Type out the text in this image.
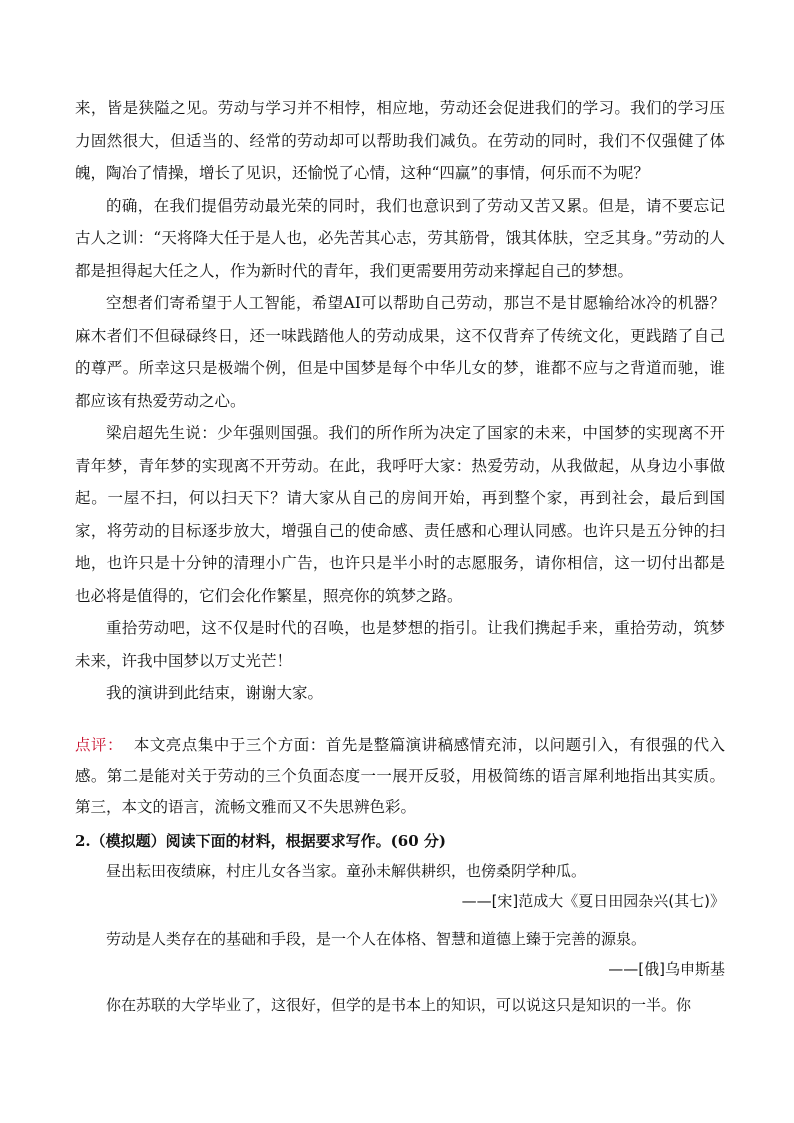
来，皆是狭隘之见。劳动与学习并不相悖，相应地，劳动还会促进我们的学习。我们的学习压力固然很大，但适当的、经常的劳动却可以帮助我们减负。在劳动的同时，我们不仅强健了体魄，陶冶了情操，增长了见识，还愉悦了心情，这种“四赢”的事情，何乐而不为呢？

的确，在我们提倡劳动最光荣的同时，我们也意识到了劳动又苦又累。但是，请不要忘记古人之训：“天将降大任于是人也，必先苦其心志，劳其筋骨，饿其体肤，空乏其身。”劳动的人都是担得起大任之人，作为新时代的青年，我们更需要用劳动来撑起自己的梦想。

空想者们寄希望于人工智能，希望AI可以帮助自己劳动，那岂不是甘愿输给冰冷的机器？麻木者们不但碌碌终日，还一味践踏他人的劳动成果，这不仅背弃了传统文化，更践踏了自己的尊严。所幸这只是极端个例，但是中国梦是每个中华儿女的梦，谁都不应与之背道而驰，谁都应该有热爱劳动之心。

梁启超先生说：少年强则国强。我们的所作所为决定了国家的未来，中国梦的实现离不开青年梦，青年梦的实现离不开劳动。在此，我呼吁大家：热爱劳动，从我做起，从身边小事做起。一屋不扫，何以扫天下？请大家从自己的房间开始，再到整个家，再到社会，最后到国家，将劳动的目标逐步放大，增强自己的使命感、责任感和心理认同感。也许只是五分钟的扫地，也许只是十分钟的清理小广告，也许只是半小时的志愿服务，请你相信，这一切付出都是也必将是值得的，它们会化作繁星，照亮你的筑梦之路。

重拾劳动吧，这不仅是时代的召唤，也是梦想的指引。让我们携起手来，重拾劳动，筑梦未来，许我中国梦以万丈光芒！

我的演讲到此结束，谢谢大家。

点评： 本文亮点集中于三个方面：首先是整篇演讲稿感情充沛，以问题引入，有很强的代入感。第二是能对关于劳动的三个负面态度一一展开反驳，用极简练的语言犀利地指出其实质。第三，本文的语言，流畅文雅而又不失思辨色彩。
2.（模拟题）阅读下面的材料，根据要求写作。(60 分)

昼出耘田夜绩麻，村庄儿女各当家。童孙未解供耕织，也傍桑阴学种瓜。

——[宋]范成大《夏日田园杂兴(其七)》

劳动是人类存在的基础和手段，是一个人在体格、智慧和道德上臻于完善的源泉。

——[俄]乌申斯基

你在苏联的大学毕业了，这很好，但学的是书本上的知识，可以说这只是知识的一半。你
